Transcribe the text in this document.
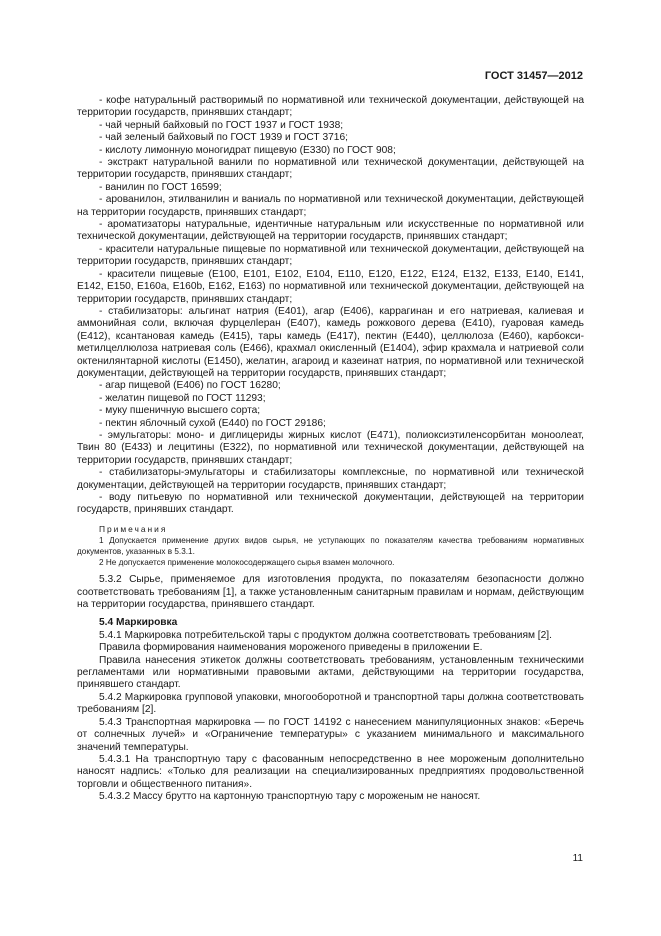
ГОСТ 31457—2012

- кофе натуральный растворимый по нормативной или технической документации, действующей на территории государств, принявших стандарт;

- чай черный байховый по ГОСТ 1937 и ГОСТ 1938;

- чай зеленый байховый по ГОСТ 1939 и ГОСТ 3716;

- кислоту лимонную моногидрат пищевую (Е330) по ГОСТ 908;

- экстракт натуральной ванили по нормативной или технической документации, действующей на территории государств, принявших стандарт;

- ванилин по ГОСТ 16599;

- арованилон, этилванилин и ваниаль по нормативной или технической документации, действующей на территории государств, принявших стандарт;

- ароматизаторы натуральные, идентичные натуральным или искусственные по нормативной или технической документации, действующей на территории государств, принявших стандарт;

- красители натуральные пищевые по нормативной или технической документации, действующей на территории государств, принявших стандарт;

- красители пищевые (Е100, Е101, Е102, Е104, Е110, Е120, Е122, Е124, Е132, Е133, Е140, Е141, Е142, Е150, Е160а, Е160b, Е162, Е163) по нормативной или технической документации, действующей на территории государств, принявших стандарт;

- стабилизаторы: альгинат натрия (Е401), агар (Е406), каррагинан и его натриевая, калиевая и аммонийная соли, включая фурцелleран (Е407), камедь рожкового дерева (Е410), гуаровая камедь (Е412), ксантановая камедь (Е415), тары камедь (Е417), пектин (Е440), целлюлоза (Е460), карбокси-метилцеллюлоза натриевая соль (Е466), крахмал окисленный (Е1404), эфир крахмала и натриевой соли октенилянтарной кислоты (Е1450), желатин, агароид и казеинат натрия, по нормативной или технической документации, действующей на территории государств, принявших стандарт;

- агар пищевой (Е406) по ГОСТ 16280;

- желатин пищевой по ГОСТ 11293;

- муку пшеничную высшего сорта;

- пектин яблочный сухой (Е440) по ГОСТ 29186;

- эмульгаторы: моно- и диглицериды жирных кислот (Е471), полиоксиэтиленсорбитан моноолеат, Твин 80 (Е433) и лецитины (Е322), по нормативной или технической документации, действующей на территории государств, принявших стандарт;

- стабилизаторы-эмульгаторы и стабилизаторы комплексные, по нормативной или технической документации, действующей на территории государств, принявших стандарт;

- воду питьевую по нормативной или технической документации, действующей на территории государств, принявших стандарт.

Примечания

1 Допускается применение других видов сырья, не уступающих по показателям качества требованиям нормативных документов, указанных в 5.3.1.

2 Не допускается применение молокосодержащего сырья взамен молочного.

5.3.2 Сырье, применяемое для изготовления продукта, по показателям безопасности должно соответствовать требованиям [1], а также установленным санитарным правилам и нормам, действующим на территории государства, принявшего стандарт.

5.4 Маркировка

5.4.1 Маркировка потребительской тары с продуктом должна соответствовать требованиям [2].

Правила формирования наименования мороженого приведены в приложении Е.

Правила нанесения этикеток должны соответствовать требованиям, установленным техническими регламентами или нормативными правовыми актами, действующими на территории государства, принявшего стандарт.

5.4.2 Маркировка групповой упаковки, многооборотной и транспортной тары должна соответствовать требованиям [2].

5.4.3 Транспортная маркировка — по ГОСТ 14192 с нанесением манипуляционных знаков: «Беречь от солнечных лучей» и «Ограничение температуры» с указанием минимального и максимального значений температуры.

5.4.3.1 На транспортную тару с фасованным непосредственно в нее мороженым дополнительно наносят надпись: «Только для реализации на специализированных предприятиях продовольственной торговли и общественного питания».

5.4.3.2 Массу брутто на картонную транспортную тару с мороженым не наносят.

11
